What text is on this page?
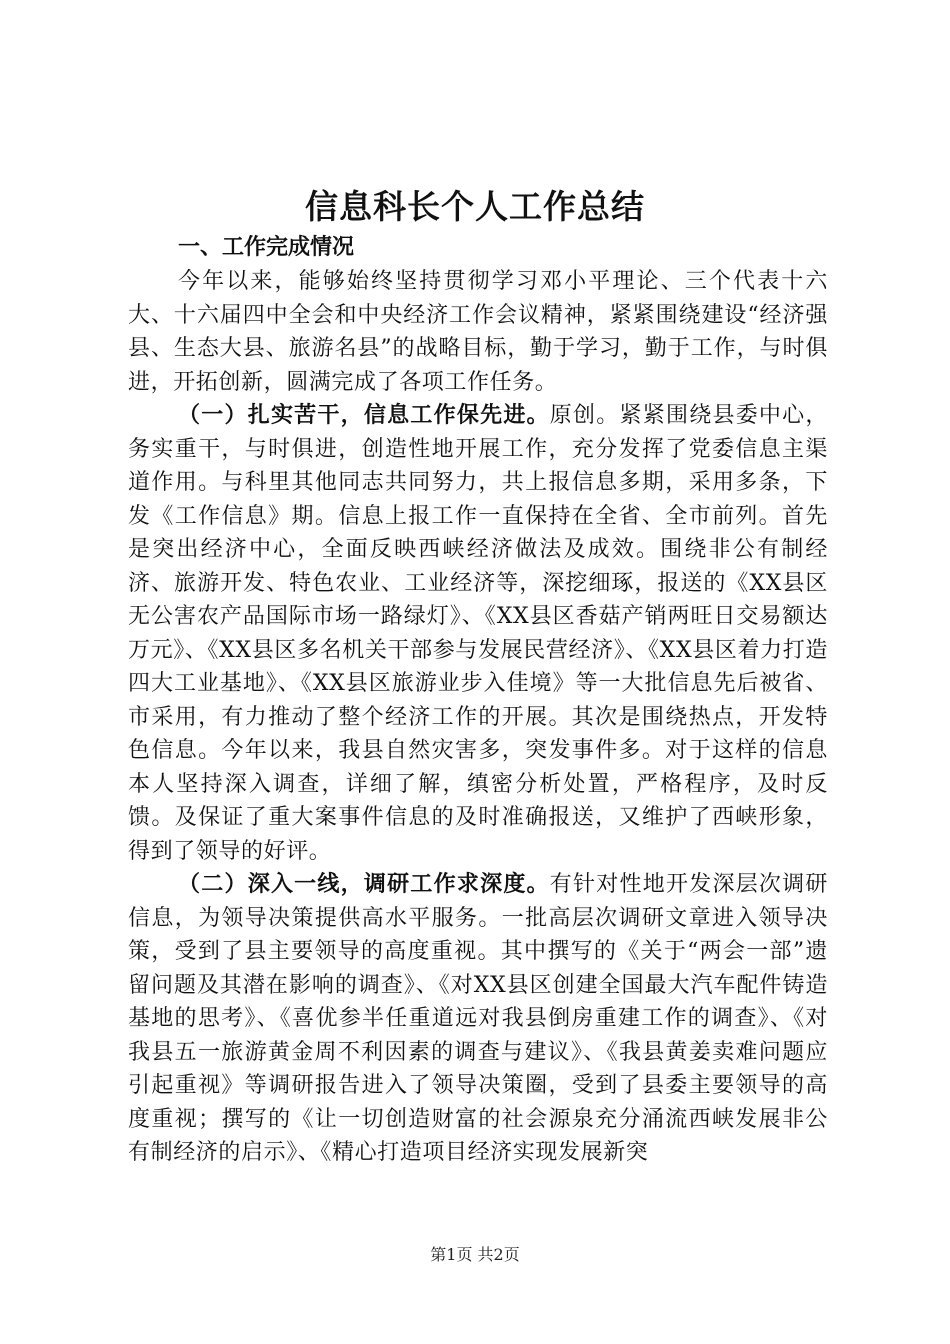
信息科长个人工作总结
一、工作完成情况

今年以来，能够始终坚持贯彻学习邓小平理论、三个代表十六大、十六届四中全会和中央经济工作会议精神，紧紧围绕建设“经济强县、生态大县、旅游名县”的战略目标，勤于学习，勤于工作，与时俱进，开拓创新，圆满完成了各项工作任务。

（一）扎实苦干，信息工作保先进。原创。紧紧围绕县委中心，务实重干，与时俱进，创造性地开展工作，充分发挥了党委信息主渠道作用。与科里其他同志共同努力，共上报信息多期，采用多条，下发《工作信息》期。信息上报工作一直保持在全省、全市前列。首先是突出经济中心，全面反映西峡经济做法及成效。围绕非公有制经济、旅游开发、特色农业、工业经济等，深挖细琢，报送的《XX县区无公害农产品国际市场一路绿灯》、《XX县区香菇产销两旺日交易额达万元》、《XX县区多名机关干部参与发展民营经济》、《XX县区着力打造四大工业基地》、《XX县区旅游业步入佳境》等一大批信息先后被省、市采用，有力推动了整个经济工作的开展。其次是围绕热点，开发特色信息。今年以来，我县自然灾害多，突发事件多。对于这样的信息本人坚持深入调查，详细了解，缜密分析处置，严格程序，及时反馈。及保证了重大案事件信息的及时准确报送，又维护了西峡形象，得到了领导的好评。

（二）深入一线，调研工作求深度。有针对性地开发深层次调研信息，为领导决策提供高水平服务。一批高层次调研文章进入领导决策，受到了县主要领导的高度重视。其中撰写的《关于“两会一部”遗留问题及其潜在影响的调查》、《对XX县区创建全国最大汽车配件铸造基地的思考》、《喜优参半任重道远对我县倒房重建工作的调查》、《对我县五一旅游黄金周不利因素的调查与建议》、《我县黄姜卖难问题应引起重视》等调研报告进入了领导决策圈，受到了县委主要领导的高度重视；撰写的《让一切创造财富的社会源泉充分涌流西峡发展非公有制经济的启示》、《精心打造项目经济实现发展新突

第1页 共2页
